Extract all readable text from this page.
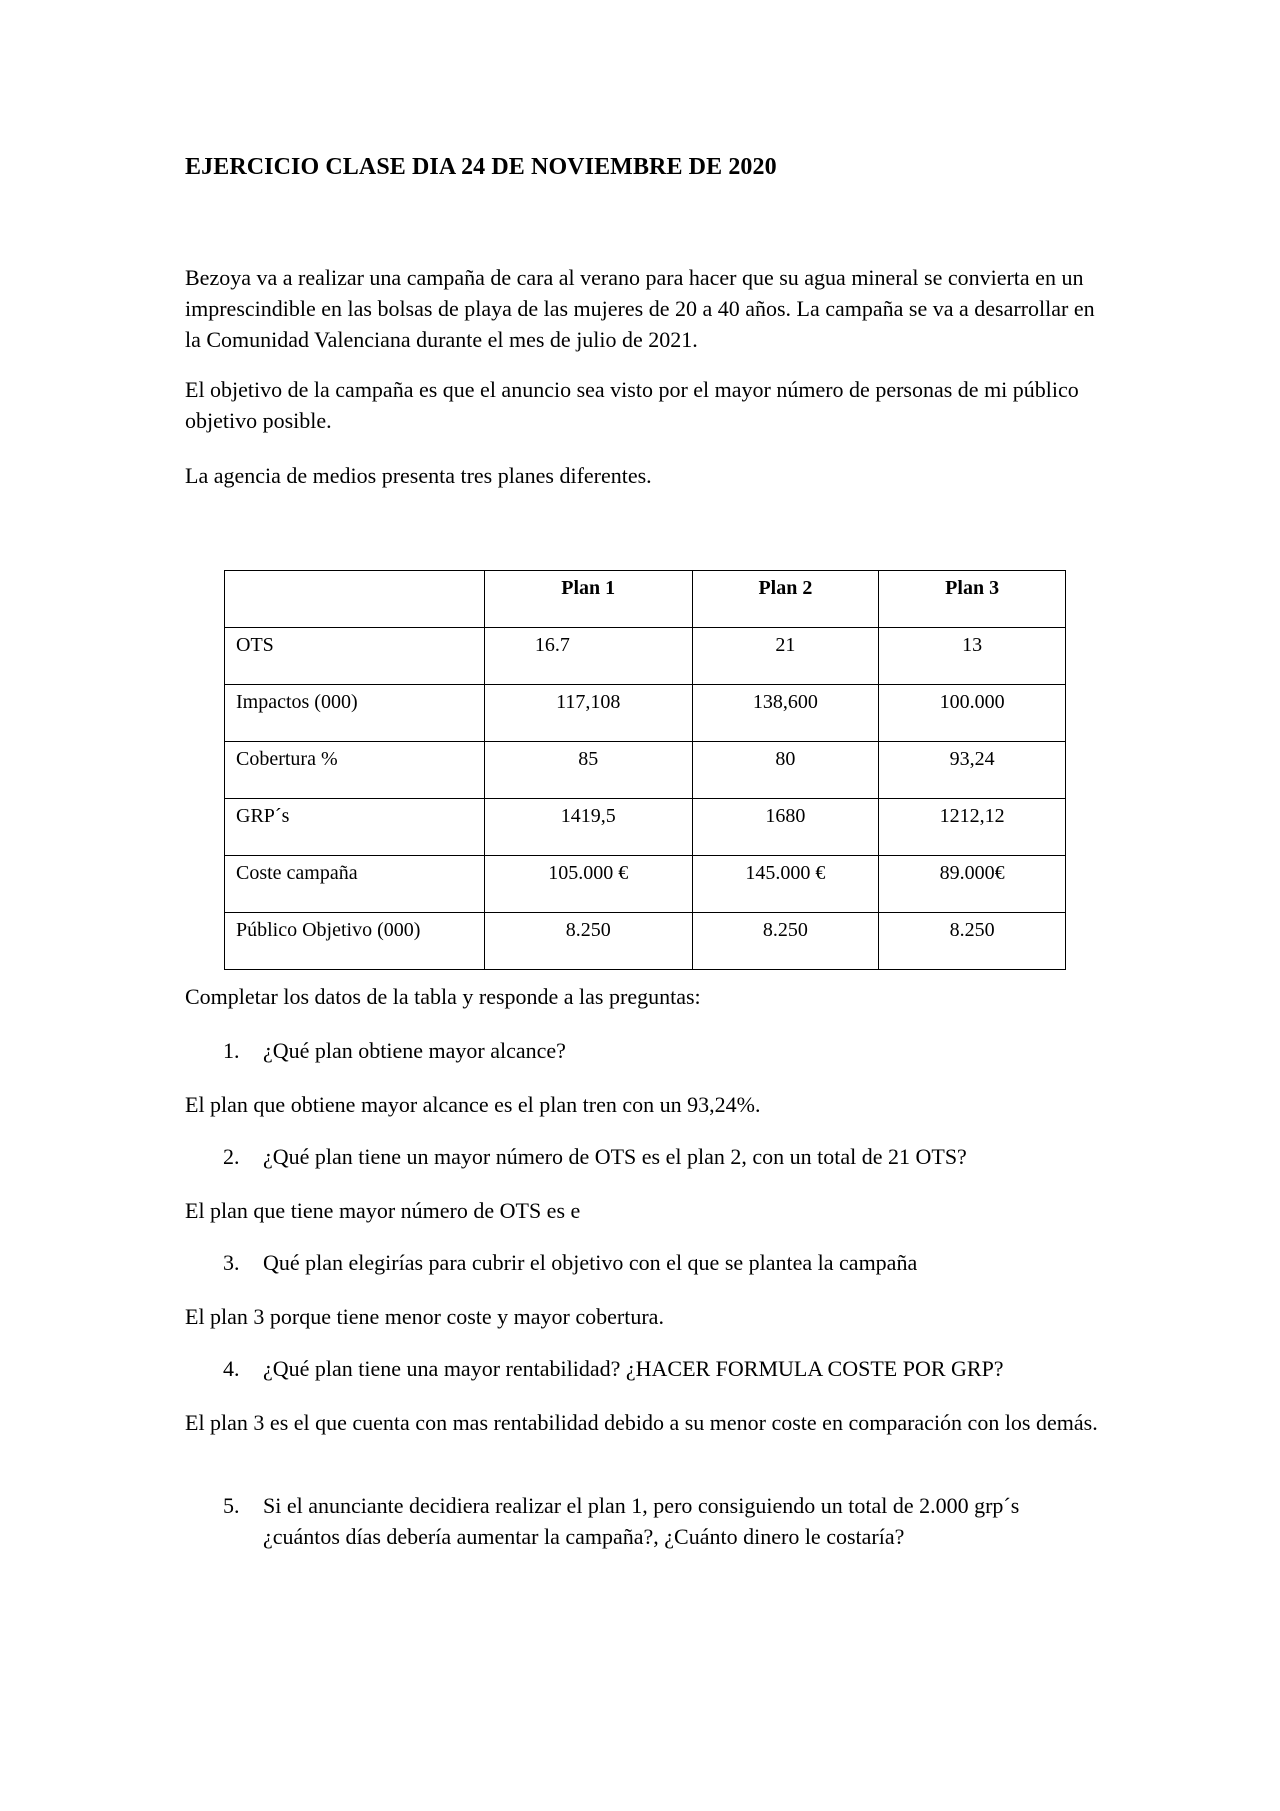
EJERCICIO CLASE DIA 24 DE NOVIEMBRE DE 2020

Bezoya va a realizar una campaña de cara al verano para hacer que su agua mineral se convierta en un imprescindible en las bolsas de playa de las mujeres de 20 a 40 años. La campaña se va a desarrollar en la Comunidad Valenciana durante el mes de julio de 2021.

El objetivo de la campaña es que el anuncio sea visto por el mayor número de personas de mi público objetivo posible.

La agencia de medios presenta tres planes diferentes.

	Plan 1	Plan 2	Plan 3
OTS	16.7	21	13
Impactos (000)	117,108	138,600	100.000
Cobertura %	85	80	93,24
GRP´s	1419,5	1680	1212,12
Coste campaña	105.000 €	145.000 €	89.000€
Público Objetivo (000)	8.250	8.250	8.250

Completar los datos de la tabla y responde a las preguntas:

1. ¿Qué plan obtiene mayor alcance?

El plan que obtiene mayor alcance es el plan tren con un 93,24%.

2. ¿Qué plan tiene un mayor número de OTS es el plan 2, con un total de 21 OTS?

El plan que tiene mayor número de OTS es e

3. Qué plan elegirías para cubrir el objetivo con el que se plantea la campaña

El plan 3 porque tiene menor coste y mayor cobertura.

4. ¿Qué plan tiene una mayor rentabilidad? ¿HACER FORMULA COSTE POR GRP?

El plan 3 es el que cuenta con mas rentabilidad debido a su menor coste en comparación con los demás.

5. Si el anunciante decidiera realizar el plan 1, pero consiguiendo un total de 2.000 grp´s ¿cuántos días debería aumentar la campaña?, ¿Cuánto dinero le costaría?
